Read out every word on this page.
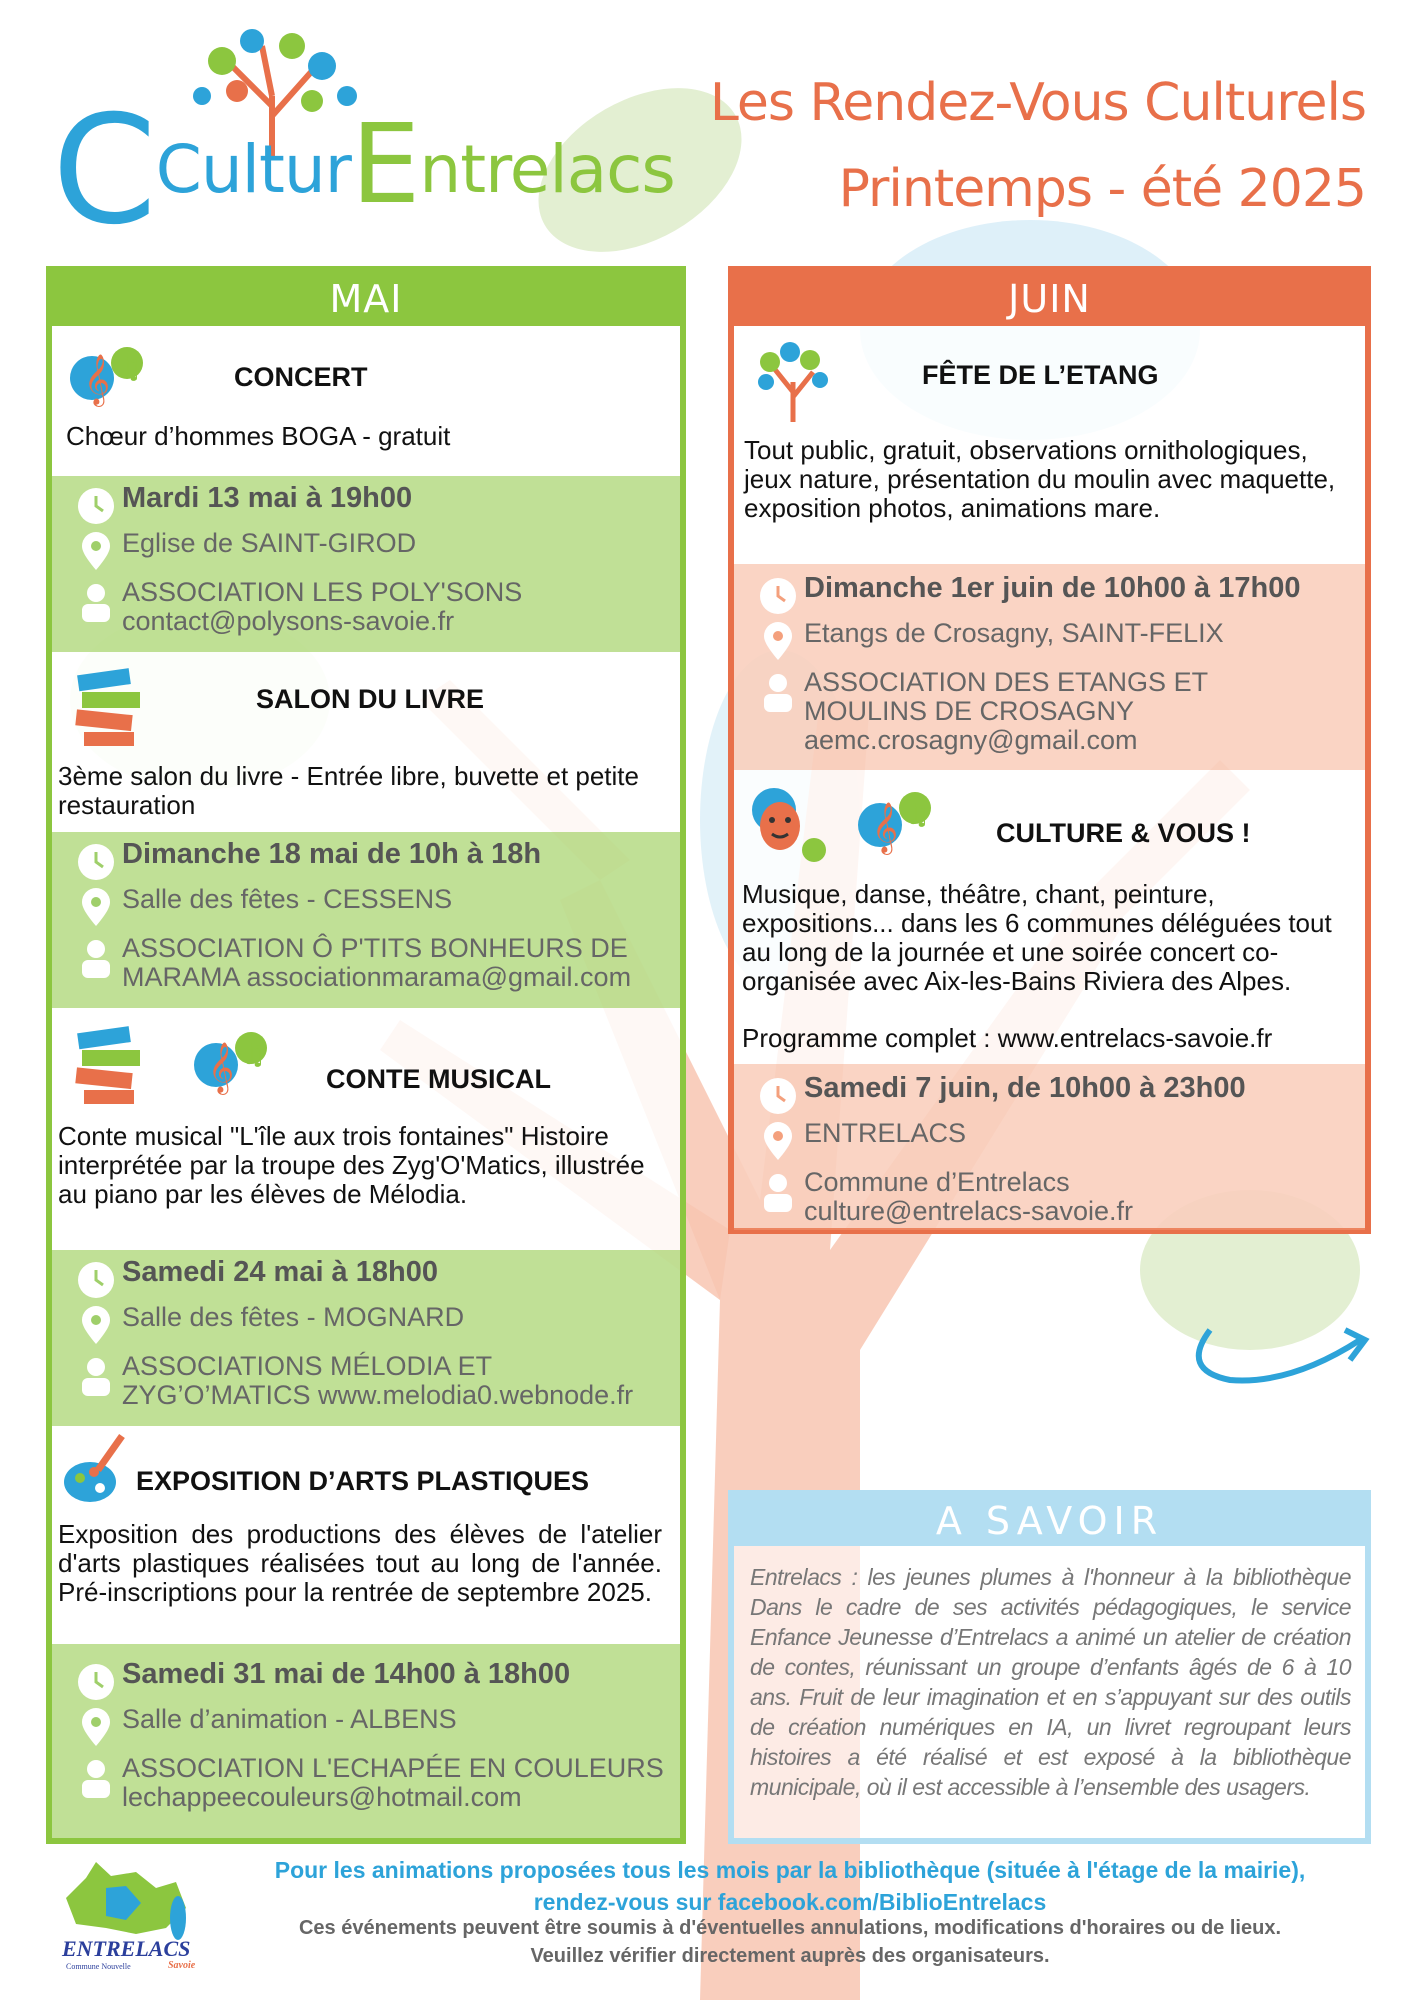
CCulturEntrelacs
Les Rendez-Vous Culturels
Printemps - été 2025
MAI
𝄞 ♫	CONCERT
Chœur d’hommes BOGA - gratuit
Mardi 13 mai à 19h00
Eglise de SAINT-GIROD
ASSOCIATION LES POLY'SONS contact@polysons-savoie.fr
SALON DU LIVRE
3ème salon du livre - Entrée libre, buvette et petite restauration
Dimanche 18 mai de 10h à 18h
Salle des fêtes - CESSENS
ASSOCIATION Ô P'TITS BONHEURS DE MARAMA associationmarama@gmail.com
𝄞 ♫
CONTE MUSICAL
Conte musical "L'île aux trois fontaines" Histoire interprétée par la troupe des Zyg'O'Matics, illustrée au piano par les élèves de Mélodia.
Samedi 24 mai à 18h00
Salle des fêtes - MOGNARD
ASSOCIATIONS MÉLODIA ET ZYG’O’MATICS www.melodia0.webnode.fr
EXPOSITION D’ARTS PLASTIQUES
Exposition des productions des élèves de l'atelier d'arts plastiques réalisées tout au long de l'année. Pré-inscriptions pour la rentrée de septembre 2025.
Samedi 31 mai de 14h00 à 18h00
Salle d’animation - ALBENS
ASSOCIATION L'ECHAPÉE EN COULEURS lechappeecouleurs@hotmail.com
JUIN
FÊTE DE L’ETANG
Tout public, gratuit, observations ornithologiques, jeux nature, présentation du moulin avec maquette, exposition photos, animations mare.
Dimanche 1er juin de 10h00 à 17h00
Etangs de Crosagny, SAINT-FELIX
ASSOCIATION DES ETANGS ET MOULINS DE CROSAGNY aemc.crosagny@gmail.com
𝄞 ♫
CULTURE & VOUS !
Musique, danse, théâtre, chant, peinture, expositions... dans les 6 communes déléguées tout au long de la journée et une soirée concert co-organisée avec Aix-les-Bains Riviera des Alpes.
Programme complet : www.entrelacs-savoie.fr
Samedi 7 juin, de 10h00 à 23h00
ENTRELACS
Commune d’Entrelacs culture@entrelacs-savoie.fr
A SAVOIR
Entrelacs : les jeunes plumes à l'honneur à la bibliothèque Dans le cadre de ses activités pédagogiques, le service Enfance Jeunesse d’Entrelacs a animé un atelier de création de contes, réunissant un groupe d’enfants âgés de 6 à 10 ans. Fruit de leur imagination et en s’appuyant sur des outils de création numériques en IA, un livret regroupant leurs histoires a été réalisé et est exposé à la bibliothèque municipale, où il est accessible à l’ensemble des usagers.
ENTRELACS
Commune Nouvelle	Savoie
Pour les animations proposées tous les mois par la bibliothèque (située à l'étage de la mairie),
rendez-vous sur facebook.com/BiblioEntrelacs
Ces événements peuvent être soumis à d'éventuelles annulations, modifications d'horaires ou de lieux.
Veuillez vérifier directement auprès des organisateurs.
